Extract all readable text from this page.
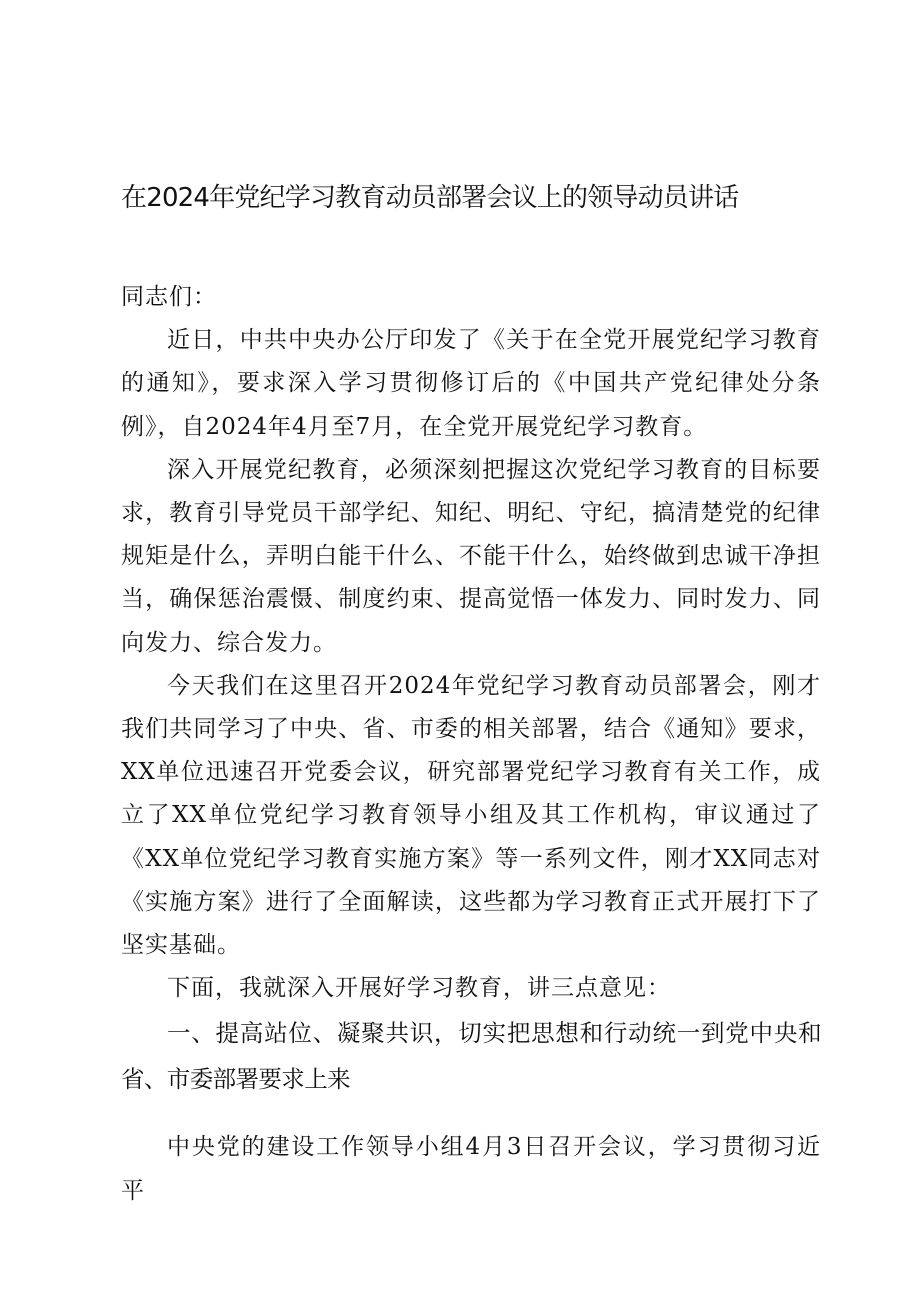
在2024年党纪学习教育动员部署会议上的领导动员讲话

同志们：

近日，中共中央办公厅印发了《关于在全党开展党纪学习教育的通知》，要求深入学习贯彻修订后的《中国共产党纪律处分条例》，自2024年4月至7月，在全党开展党纪学习教育。

深入开展党纪教育，必须深刻把握这次党纪学习教育的目标要求，教育引导党员干部学纪、知纪、明纪、守纪，搞清楚党的纪律规矩是什么，弄明白能干什么、不能干什么，始终做到忠诚干净担当，确保惩治震慑、制度约束、提高觉悟一体发力、同时发力、同向发力、综合发力。

今天我们在这里召开2024年党纪学习教育动员部署会，刚才我们共同学习了中央、省、市委的相关部署，结合《通知》要求，XX单位迅速召开党委会议，研究部署党纪学习教育有关工作，成立了XX单位党纪学习教育领导小组及其工作机构，审议通过了《XX单位党纪学习教育实施方案》等一系列文件，刚才XX同志对《实施方案》进行了全面解读，这些都为学习教育正式开展打下了坚实基础。

下面，我就深入开展好学习教育，讲三点意见：

一、提高站位、凝聚共识，切实把思想和行动统一到党中央和省、市委部署要求上来

中央党的建设工作领导小组4月3日召开会议，学习贯彻习近平
